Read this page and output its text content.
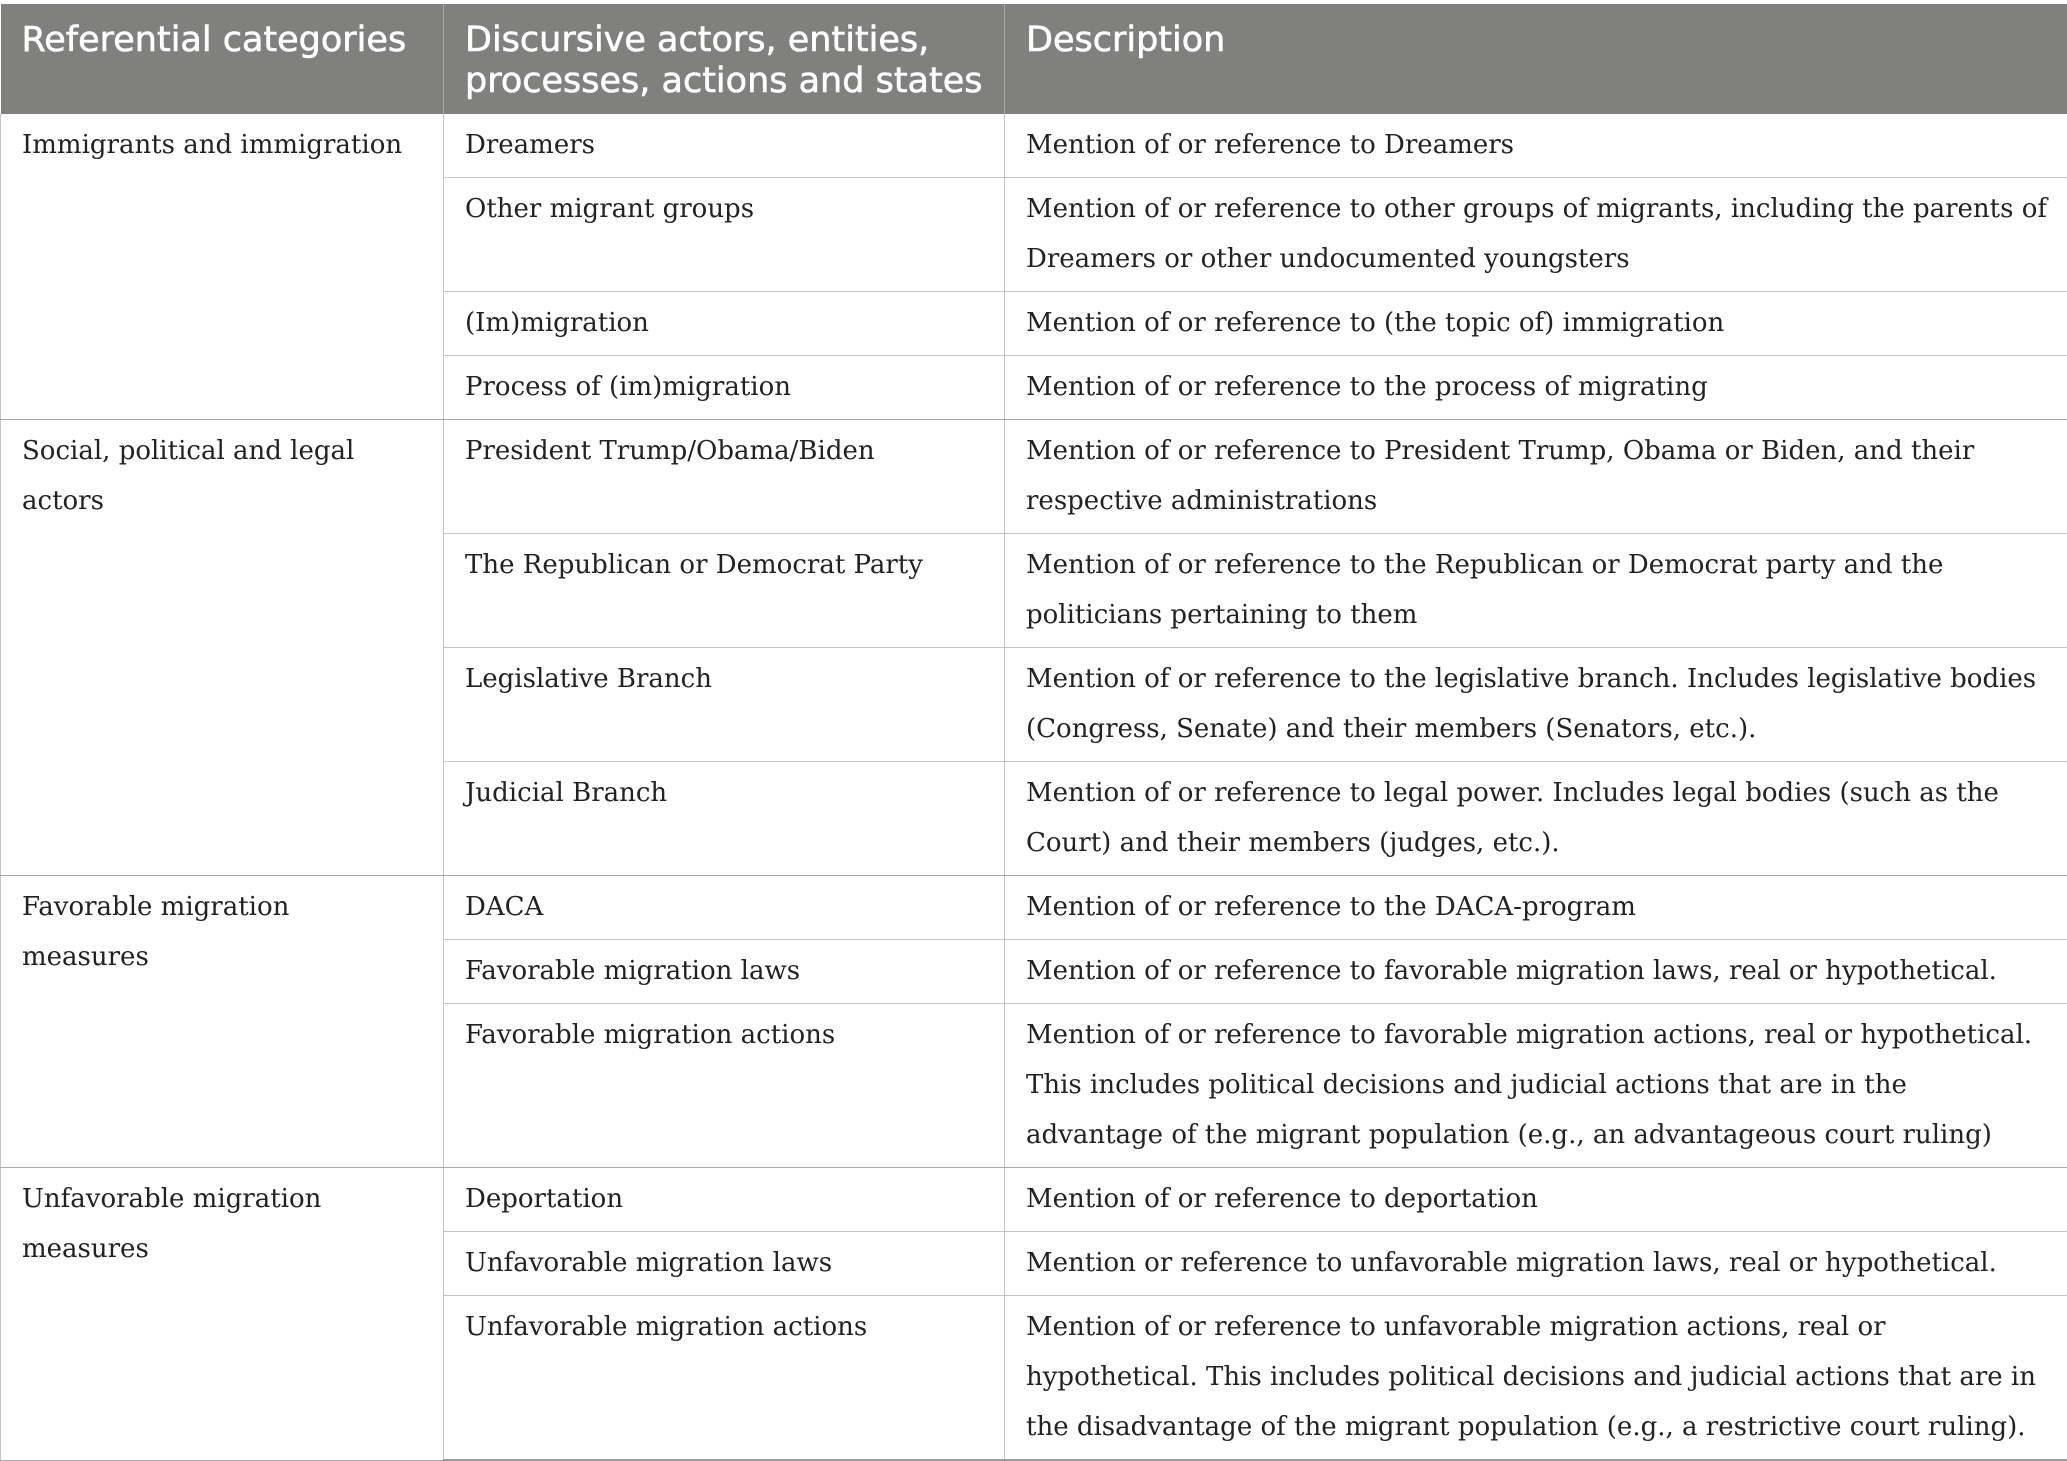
Referential categories	Discursive actors, entities, processes, actions and states	Description
Immigrants and immigration	Dreamers	Mention of or reference to Dreamers
	Other migrant groups	Mention of or reference to other groups of migrants, including the parents of Dreamers or other undocumented youngsters
	(Im)migration	Mention of or reference to (the topic of) immigration
	Process of (im)migration	Mention of or reference to the process of migrating
Social, political and legal actors	President Trump/Obama/Biden	Mention of or reference to President Trump, Obama or Biden, and their respective administrations
	The Republican or Democrat Party	Mention of or reference to the Republican or Democrat party and the politicians pertaining to them
	Legislative Branch	Mention of or reference to the legislative branch. Includes legislative bodies (Congress, Senate) and their members (Senators, etc.).
	Judicial Branch	Mention of or reference to legal power. Includes legal bodies (such as the Court) and their members (judges, etc.).
Favorable migration measures	DACA	Mention of or reference to the DACA-program
	Favorable migration laws	Mention of or reference to favorable migration laws, real or hypothetical.
	Favorable migration actions	Mention of or reference to favorable migration actions, real or hypothetical. This includes political decisions and judicial actions that are in the advantage of the migrant population (e.g., an advantageous court ruling)
Unfavorable migration measures	Deportation	Mention of or reference to deportation
	Unfavorable migration laws	Mention or reference to unfavorable migration laws, real or hypothetical.
	Unfavorable migration actions	Mention of or reference to unfavorable migration actions, real or hypothetical. This includes political decisions and judicial actions that are in the disadvantage of the migrant population (e.g., a restrictive court ruling).
